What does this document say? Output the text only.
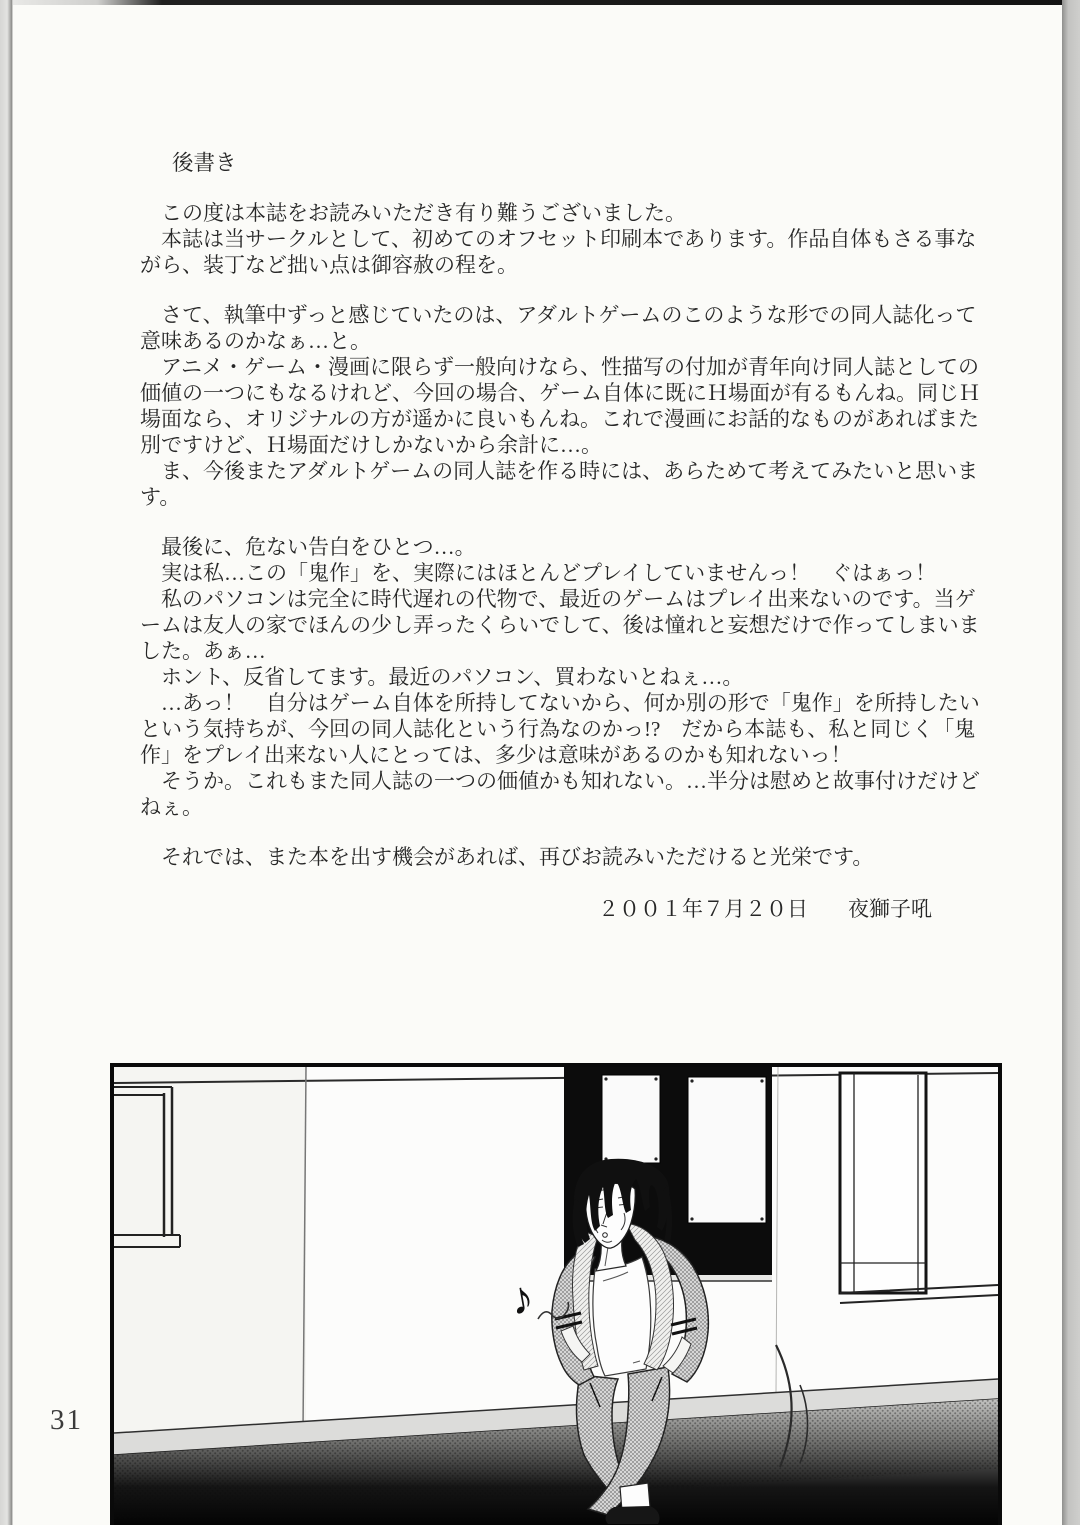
後書き

この度は本誌をお読みいただき有り難うございました。

本誌は当サークルとして、初めてのオフセット印刷本であります。作品自体もさる事ながら、装丁など拙い点は御容赦の程を。

さて、執筆中ずっと感じていたのは、アダルトゲームのこのような形での同人誌化って意味あるのかなぁ…と。

アニメ・ゲーム・漫画に限らず一般向けなら、性描写の付加が青年向け同人誌としての価値の一つにもなるけれど、今回の場合、ゲーム自体に既にＨ場面が有るもんね。同じＨ場面なら、オリジナルの方が遥かに良いもんね。これで漫画にお話的なものがあればまた別ですけど、Ｈ場面だけしかないから余計に…。

ま、今後またアダルトゲームの同人誌を作る時には、あらためて考えてみたいと思います。

最後に、危ない告白をひとつ…。

実は私…この「鬼作」を、実際にはほとんどプレイしていませんっ！　ぐはぁっ！

私のパソコンは完全に時代遅れの代物で、最近のゲームはプレイ出来ないのです。当ゲームは友人の家でほんの少し弄ったくらいでして、後は憧れと妄想だけで作ってしまいました。あぁ…

ホント、反省してます。最近のパソコン、買わないとねぇ…。

…あっ！　自分はゲーム自体を所持してないから、何か別の形で「鬼作」を所持したいという気持ちが、今回の同人誌化という行為なのかっ!?　だから本誌も、私と同じく「鬼作」をプレイ出来ない人にとっては、多少は意味があるのかも知れないっ！

そうか。これもまた同人誌の一つの価値かも知れない。…半分は慰めと故事付けだけどねぇ。

それでは、また本を出す機会があれば、再びお読みいただけると光栄です。

２００１年７月２０日 夜獅子吼
31
♪
